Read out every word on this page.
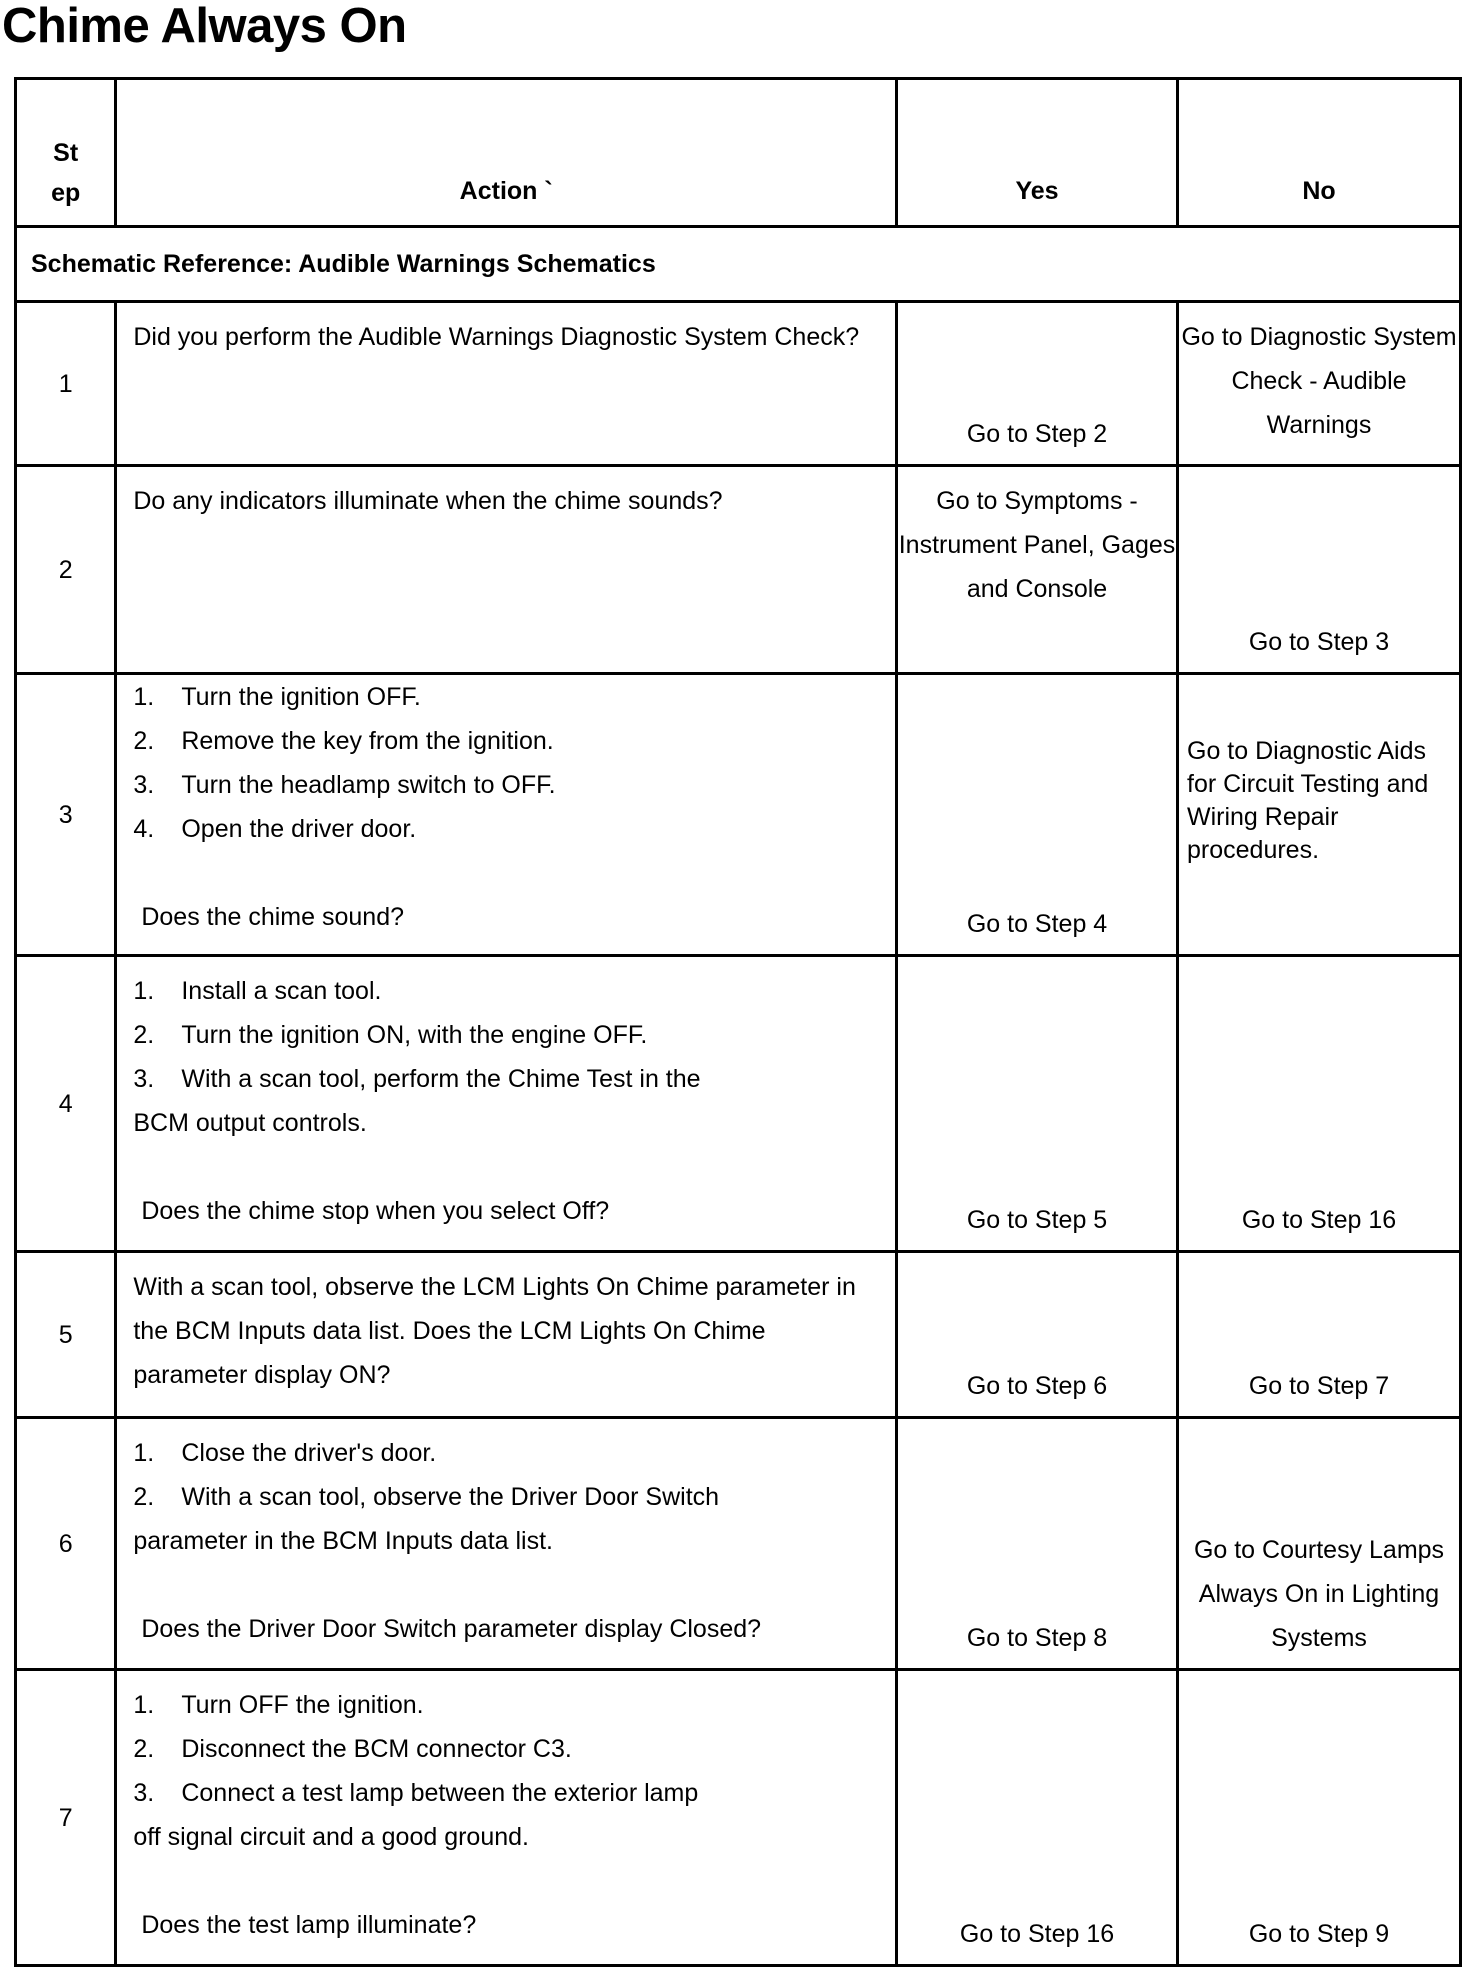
Chime Always On
St
ep	Action `	Yes	No
Schematic Reference: Audible Warnings Schematics			
1	Did you perform the Audible Warnings Diagnostic System Check?	Go to Step 2	Go to Diagnostic System Check - Audible Warnings
2	Do any indicators illuminate when the chime sounds?	Go to Symptoms - Instrument Panel, Gages and Console	Go to Step 3
3	1. Turn the ignition OFF.
2. Remove the key from the ignition.
3. Turn the headlamp switch to OFF.
4. Open the driver door.
Does the chime sound?	Go to Step 4	Go to Diagnostic Aids for Circuit Testing and Wiring Repair procedures.
4	1. Install a scan tool.
2. Turn the ignition ON, with the engine OFF.
3. With a scan tool, perform the Chime Test in the
BCM output controls.
Does the chime stop when you select Off?	Go to Step 5	Go to Step 16
5	With a scan tool, observe the LCM Lights On Chime parameter in the BCM Inputs data list. Does the LCM Lights On Chime parameter display ON?	Go to Step 6	Go to Step 7
6	1. Close the driver's door.
2. With a scan tool, observe the Driver Door Switch
parameter in the BCM Inputs data list.
Does the Driver Door Switch parameter display Closed?	Go to Step 8	Go to Courtesy Lamps Always On in Lighting Systems
7	1. Turn OFF the ignition.
2. Disconnect the BCM connector C3.
3. Connect a test lamp between the exterior lamp
off signal circuit and a good ground.
Does the test lamp illuminate?	Go to Step 16	Go to Step 9
